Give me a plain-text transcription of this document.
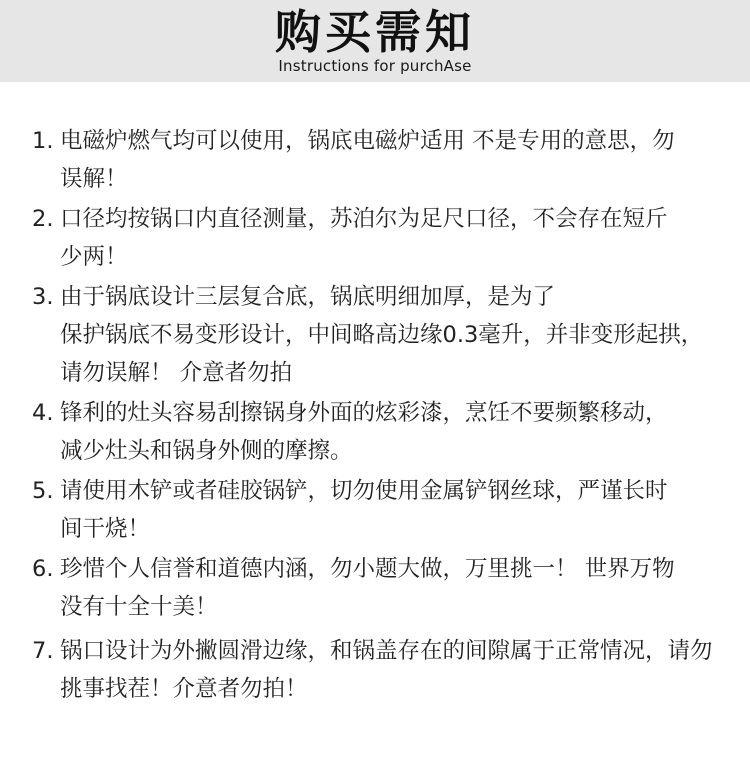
购买需知
Instructions for purchAse
1. 电磁炉燃气均可以使用，锅底电磁炉适用 不是专用的意思，勿
误解！
2. 口径均按锅口内直径测量，苏泊尔为足尺口径，不会存在短斤
少两！
3. 由于锅底设计三层复合底，锅底明细加厚，是为了
保护锅底不易变形设计，中间略高边缘0.3毫升，并非变形起拱，
请勿误解！ 介意者勿拍
4. 锋利的灶头容易刮擦锅身外面的炫彩漆，烹饪不要频繁移动，
减少灶头和锅身外侧的摩擦。
5. 请使用木铲或者硅胶锅铲，切勿使用金属铲钢丝球，严谨长时
间干烧！
6. 珍惜个人信誉和道德内涵，勿小题大做，万里挑一！ 世界万物
没有十全十美！
7. 锅口设计为外撇圆滑边缘，和锅盖存在的间隙属于正常情况，请勿
挑事找茬！介意者勿拍！
